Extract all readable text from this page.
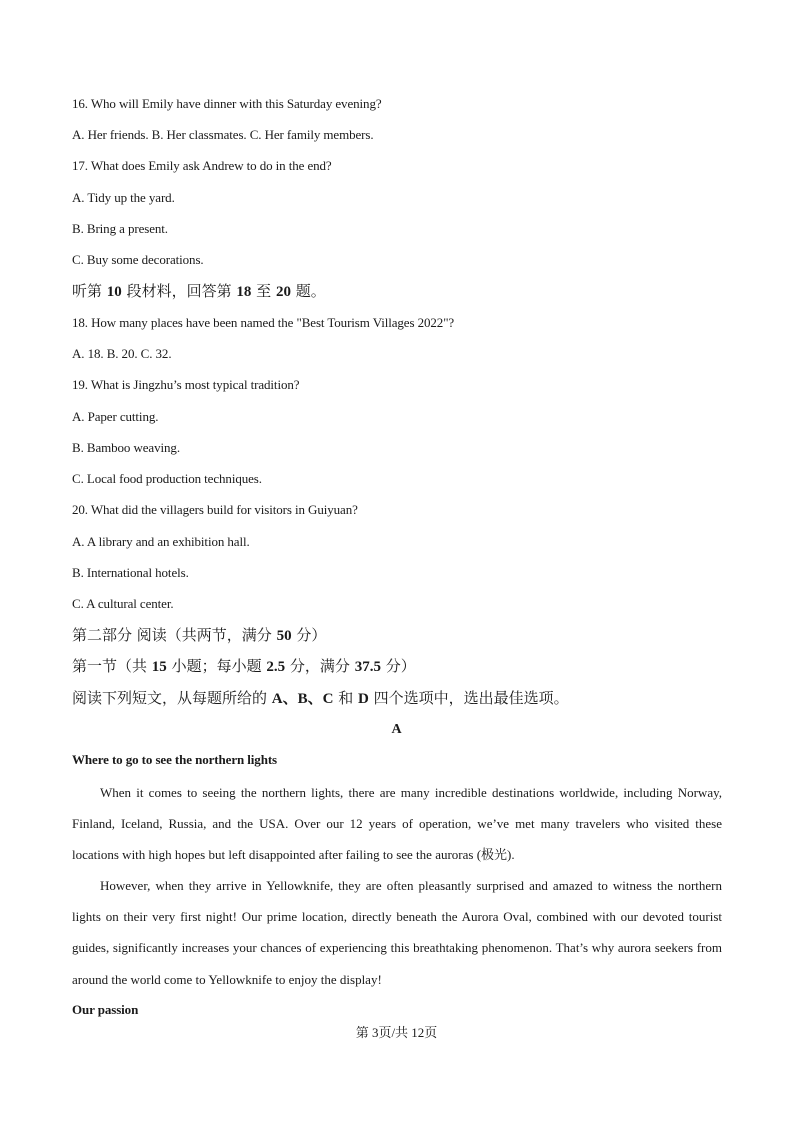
16. Who will Emily have dinner with this Saturday evening?
A. Her friends. B. Her classmates. C. Her family members.
17. What does Emily ask Andrew to do in the end?
A. Tidy up the yard.
B. Bring a present.
C. Buy some decorations.
听第 10 段材料，回答第 18 至 20 题。
18. How many places have been named the "Best Tourism Villages 2022"?
A. 18. B. 20. C. 32.
19. What is Jingzhu’s most typical tradition?
A. Paper cutting.
B. Bamboo weaving.
C. Local food production techniques.
20. What did the villagers build for visitors in Guiyuan?
A. A library and an exhibition hall.
B. International hotels.
C. A cultural center.
第二部分 阅读（共两节，满分 50 分）
第一节（共 15 小题；每小题 2.5 分，满分 37.5 分）
阅读下列短文，从每题所给的 A、B、C 和 D 四个选项中，选出最佳选项。
A
Where to go to see the northern lights
When it comes to seeing the northern lights, there are many incredible destinations worldwide, including Norway, Finland, Iceland, Russia, and the USA. Over our 12 years of operation, we’ve met many travelers who visited these locations with high hopes but left disappointed after failing to see the auroras (极光).
However, when they arrive in Yellowknife, they are often pleasantly surprised and amazed to witness the northern lights on their very first night! Our prime location, directly beneath the Aurora Oval, combined with our devoted tourist guides, significantly increases your chances of experiencing this breathtaking phenomenon. That’s why aurora seekers from around the world come to Yellowknife to enjoy the display!
Our passion
第 3页/共 12页
